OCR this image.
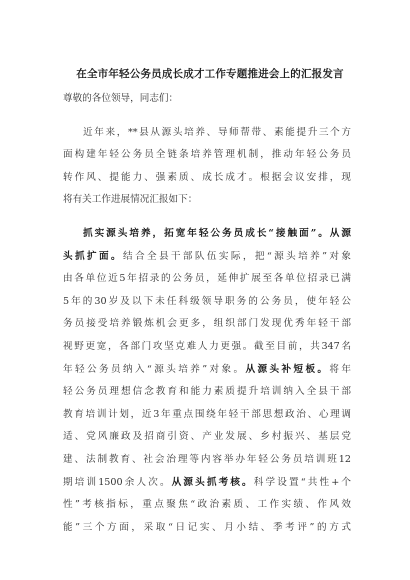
在全市年轻公务员成长成才工作专题推进会上的汇报发言
尊敬的各位领导，同志们：
近年来，**县从源头培养、导师帮带、素能提升三个方
面构建年轻公务员全链条培养管理机制，推动年轻公务员
转作风、提能力、强素质、成长成才。根据会议安排，现
将有关工作进展情况汇报如下：
抓实源头培养，拓宽年轻公务员成长“接触面”。从源
头抓扩面。结合全县干部队伍实际，把“源头培养”对象
由各单位近5年招录的公务员，延伸扩展至各单位招录已满
5年的30岁及以下未任科级领导职务的公务员，使年轻公
务员接受培养锻炼机会更多，组织部门发现优秀年轻干部
视野更宽，各部门攻坚克难人力更强。截至目前，共347名
年轻公务员纳入“源头培养”对象。从源头补短板。将年
轻公务员理想信念教育和能力素质提升培训纳入全县干部
教育培训计划，近3年重点围绕年轻干部思想政治、心理调
适、党风廉政及招商引资、产业发展、乡村振兴、基层党
建、法制教育、社会治理等内容举办年轻公务员培训班12
期培训1500余人次。从源头抓考核。科学设置“共性+个
性”考核指标，重点聚焦“政治素质、工作实绩、作风效
能”三个方面，采取“日记实、月小结、季考评”的方式
